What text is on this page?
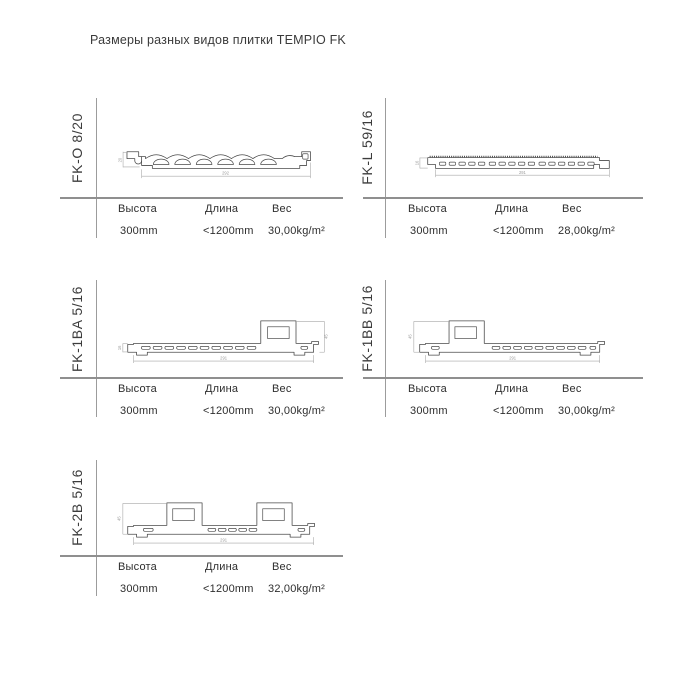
Размеры разных видов плитки TEMPIO FK
FK-O 8/20	292
20
Высота	Длина	Вес
300mm	<1200mm 30,00kg/m²
FK-L 59/16	291
16
Высота	Длина	Вес
300mm	<1200mm 28,00kg/m²
FK-1BA 5/16	291
45
16
Высота	Длина	Вес
300mm	<1200mm 30,00kg/m²
FK-1BB 5/16	291
45
Высота	Длина	Вес
300mm	<1200mm 30,00kg/m²
FK-2B 5/16	291
45
Высота	Длина	Вес
300mm	<1200mm 32,00kg/m²
